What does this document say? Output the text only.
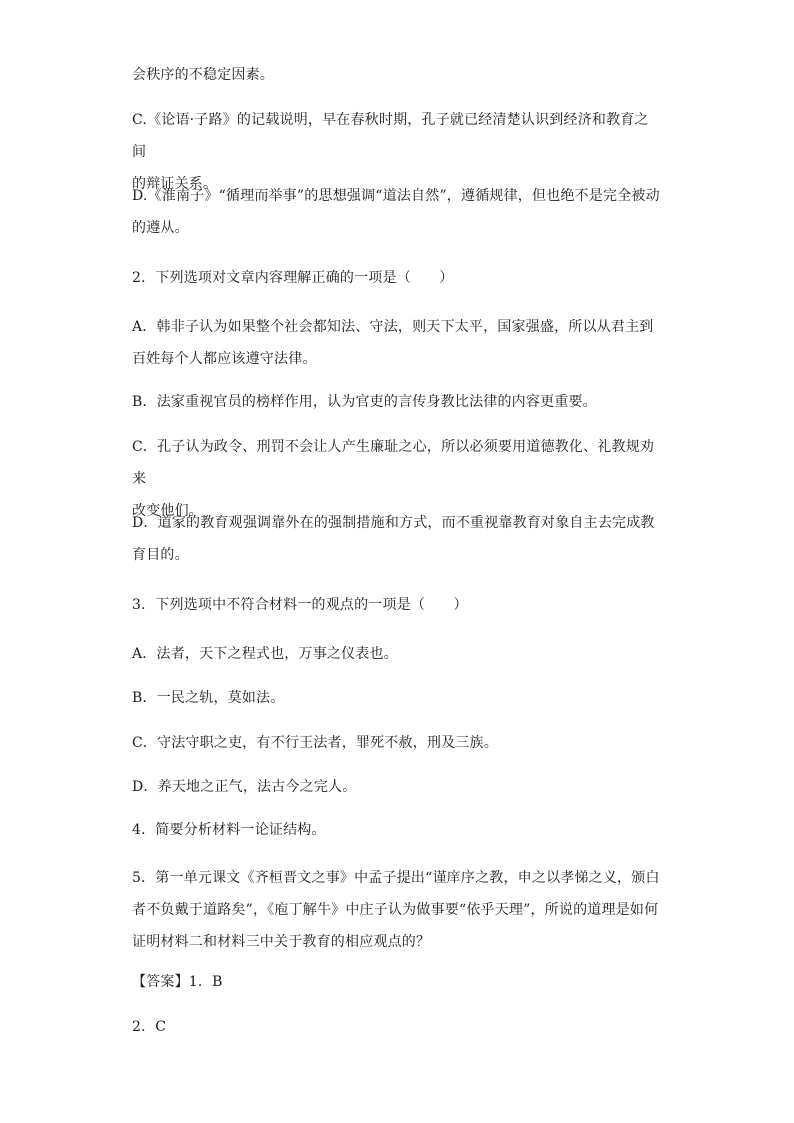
会秩序的不稳定因素。
C.《论语·子路》的记载说明，早在春秋时期，孔子就已经清楚认识到经济和教育之间
的辩证关系。
D.《淮南子》“循理而举事”的思想强调“道法自然”，遵循规律，但也绝不是完全被动
的遵从。
2．下列选项对文章内容理解正确的一项是（　　）
A．韩非子认为如果整个社会都知法、守法，则天下太平，国家强盛，所以从君主到
百姓每个人都应该遵守法律。
B．法家重视官员的榜样作用，认为官吏的言传身教比法律的内容更重要。
C．孔子认为政令、刑罚不会让人产生廉耻之心，所以必须要用道德教化、礼教规劝来
改变他们。
D．道家的教育观强调靠外在的强制措施和方式，而不重视靠教育对象自主去完成教
育目的。
3．下列选项中不符合材料一的观点的一项是（　　）
A．法者，天下之程式也，万事之仪表也。
B．一民之轨，莫如法。
C．守法守职之吏，有不行王法者，罪死不赦，刑及三族。
D．养天地之正气，法古今之完人。
4．简要分析材料一论证结构。
5．第一单元课文《齐桓晋文之事》中孟子提出“谨庠序之教，申之以孝悌之义，颁白
者不负戴于道路矣”，《庖丁解牛》中庄子认为做事要“依乎天理”，所说的道理是如何
证明材料二和材料三中关于教育的相应观点的？
【答案】1．B
2．C
